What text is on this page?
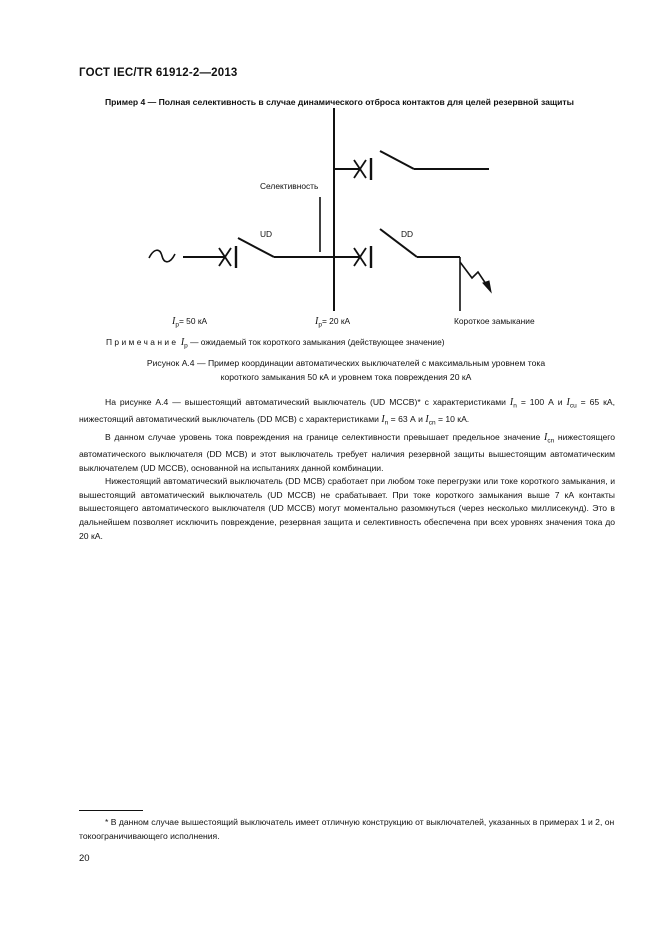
ГОСТ IEC/TR 61912-2—2013
Пример 4 — Полная селективность в случае динамического отброса контактов для целей резервной защиты
Селективность
UD	DD
$I_p= 50$ кА	$I_p= 20$ кА	Короткое замыкание
Примечание $I_p$ — ожидаемый ток короткого замыкания (действующее значение)
Рисунок А.4 — Пример координации автоматических выключателей с максимальным уровнем тока
короткого замыкания 50 кА и уровнем тока повреждения 20 кА

На рисунке А.4 — вышестоящий автоматический выключатель (UD MCCB)* с характеристиками $I_n = 100$ А и $I_{cu} = 65$ кА, нижестоящий автоматический выключатель (DD MCB) с характеристиками $I_n = 63$ А и $I_{cn} = 10$ кА.

В данном случае уровень тока повреждения на границе селективности превышает предельное значение $I_{cn}$ нижестоящего автоматического выключателя (DD MCB) и этот выключатель требует наличия резервной защиты вышестоящим автоматическим выключателем (UD MCCB), основанной на испытаниях данной комбинации.

Нижестоящий автоматический выключатель (DD MCB) сработает при любом токе перегрузки или токе короткого замыкания, и вышестоящий автоматический выключатель (UD MCCB) не срабатывает. При токе короткого замыкания выше 7 кА контакты вышестоящего автоматического выключателя (UD MCCB) могут моментально разомкнуться (через несколько миллисекунд). Это в дальнейшем позволяет исключить повреждение, резервная защита и селективность обеспечена при всех уровнях значения тока до 20 кА.

* В данном случае вышестоящий выключатель имеет отличную конструкцию от выключателей, указанных в примерах 1 и 2, он токоограничивающего исполнения.
20
